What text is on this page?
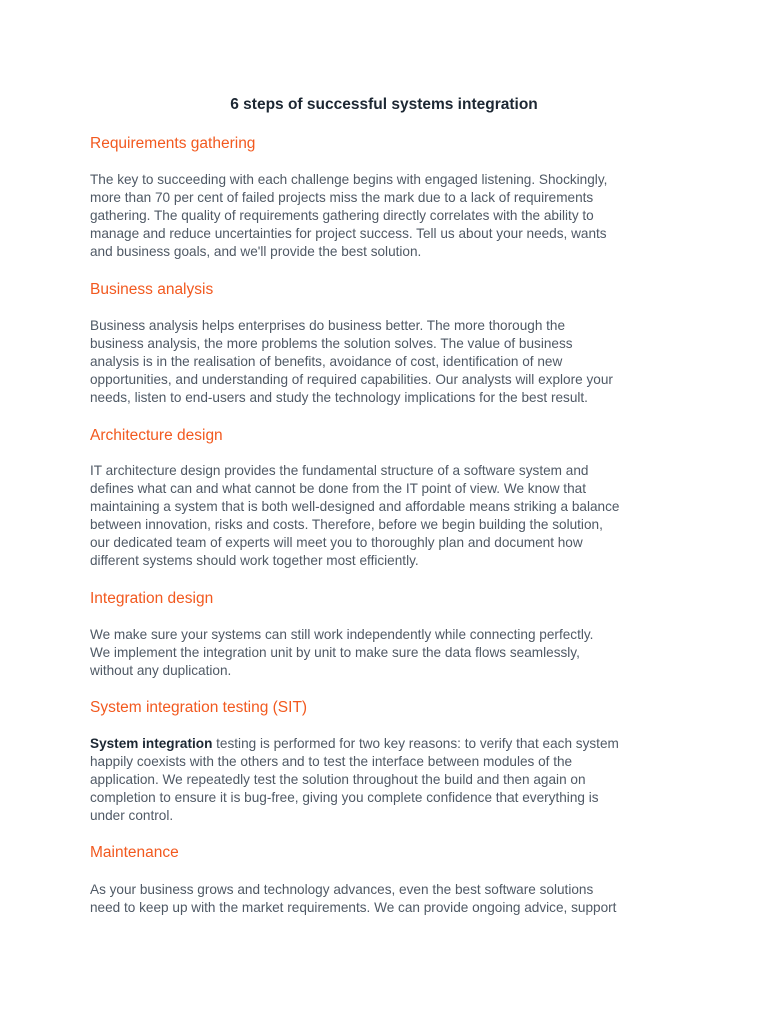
6 steps of successful systems integration
Requirements gathering
The key to succeeding with each challenge begins with engaged listening. Shockingly,
more than 70 per cent of failed projects miss the mark due to a lack of requirements
gathering. The quality of requirements gathering directly correlates with the ability to
manage and reduce uncertainties for project success. Tell us about your needs, wants
and business goals, and we'll provide the best solution.
Business analysis
Business analysis helps enterprises do business better. The more thorough the
business analysis, the more problems the solution solves. The value of business
analysis is in the realisation of benefits, avoidance of cost, identification of new
opportunities, and understanding of required capabilities. Our analysts will explore your
needs, listen to end-users and study the technology implications for the best result.
Architecture design
IT architecture design provides the fundamental structure of a software system and
defines what can and what cannot be done from the IT point of view. We know that
maintaining a system that is both well-designed and affordable means striking a balance
between innovation, risks and costs. Therefore, before we begin building the solution,
our dedicated team of experts will meet you to thoroughly plan and document how
different systems should work together most efficiently.
Integration design
We make sure your systems can still work independently while connecting perfectly.
We implement the integration unit by unit to make sure the data flows seamlessly,
without any duplication.
System integration testing (SIT)
System integration testing is performed for two key reasons: to verify that each system
happily coexists with the others and to test the interface between modules of the
application. We repeatedly test the solution throughout the build and then again on
completion to ensure it is bug-free, giving you complete confidence that everything is
under control.
Maintenance
As your business grows and technology advances, even the best software solutions
need to keep up with the market requirements. We can provide ongoing advice, support
